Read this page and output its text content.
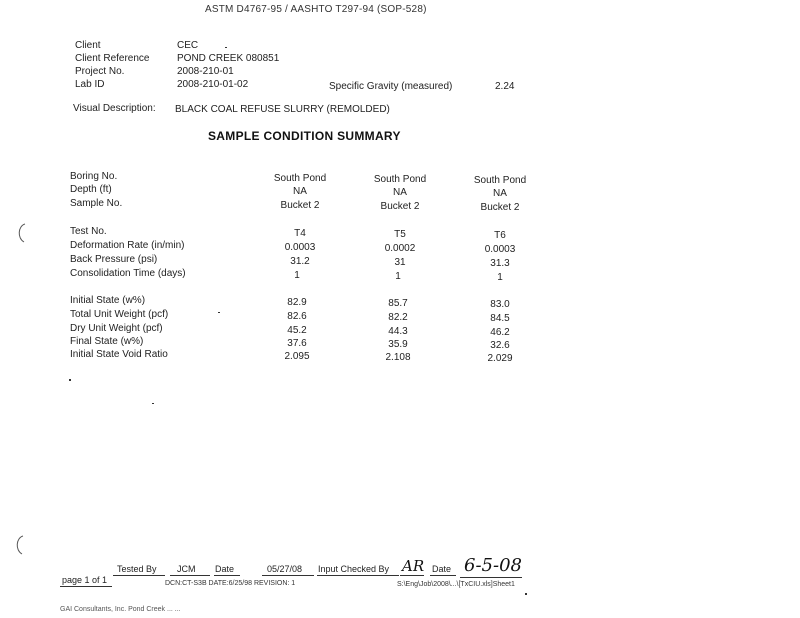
ASTM D4767-95 / AASHTO T297-94 (SOP-528)
Client	CEC
Client Reference	POND CREEK 080851
Project No.	2008-210-01
Lab ID	2008-210-01-02	Specific Gravity (measured)	2.24
Visual Description: BLACK COAL REFUSE SLURRY (REMOLDED)
SAMPLE CONDITION SUMMARY
Boring No.	South Pond	South Pond	South Pond
Depth (ft)	NA	NA	NA
Sample No.	Bucket 2	Bucket 2	Bucket 2
Test No.	T4	T5	T6
Deformation Rate (in/min)	0.0003	0.0002	0.0003
Back Pressure (psi)	31.2	31	31.3
Consolidation Time (days)	1	1	1
Initial State (w%)	82.9	85.7	83.0
Total Unit Weight (pcf)	82.6	82.2	84.5
Dry Unit Weight (pcf)	45.2	44.3	46.2
Final State (w%)	37.6	35.9	32.6
Initial State Void Ratio	2.095	2.108	2.029
Tested By JCM Date	05/27/08 Input Checked By AR Date 6-5-08
page 1 of 1	DCN:CT-S3B DATE:6/25/98 REVISION: 1	S:\Eng\Job\2008\...\[TxCIU.xls]Sheet1
GAI Consultants, Inc. Pond Creek ... ...
